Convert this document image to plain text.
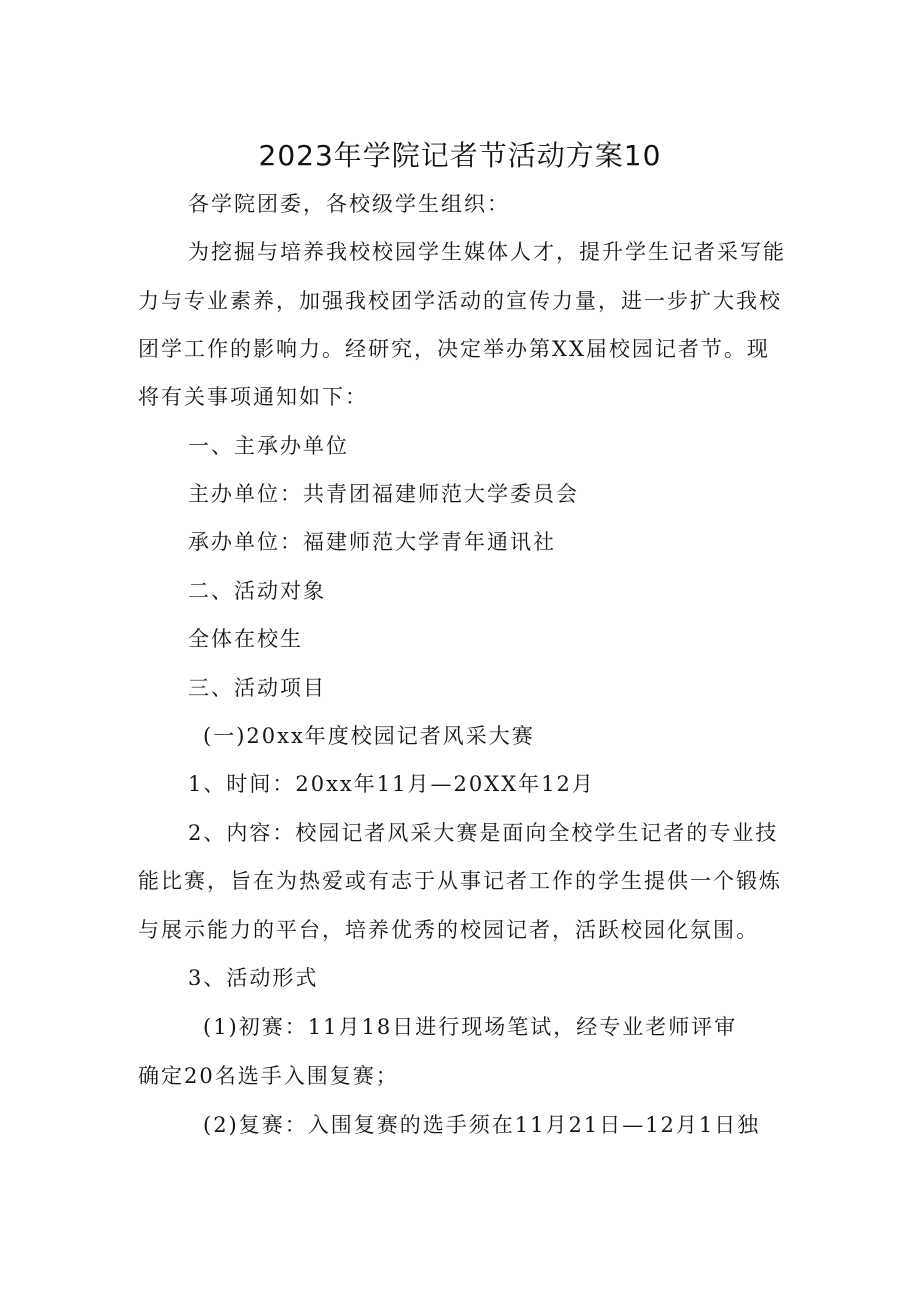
2023年学院记者节活动方案10
各学院团委，各校级学生组织：
为挖掘与培养我校校园学生媒体人才，提升学生记者采写能
力与专业素养，加强我校团学活动的宣传力量，进一步扩大我校
团学工作的影响力。经研究，决定举办第XX届校园记者节。现
将有关事项通知如下：
一、主承办单位
主办单位：共青团福建师范大学委员会
承办单位：福建师范大学青年通讯社
二、活动对象
全体在校生
三、活动项目
(一)20xx年度校园记者风采大赛
1、时间：20xx年11月—20XX年12月
2、内容：校园记者风采大赛是面向全校学生记者的专业技
能比赛，旨在为热爱或有志于从事记者工作的学生提供一个锻炼
与展示能力的平台，培养优秀的校园记者，活跃校园化氛围。
3、活动形式
(1)初赛：11月18日进行现场笔试，经专业老师评审
确定20名选手入围复赛；
(2)复赛：入围复赛的选手须在11月21日—12月1日独
